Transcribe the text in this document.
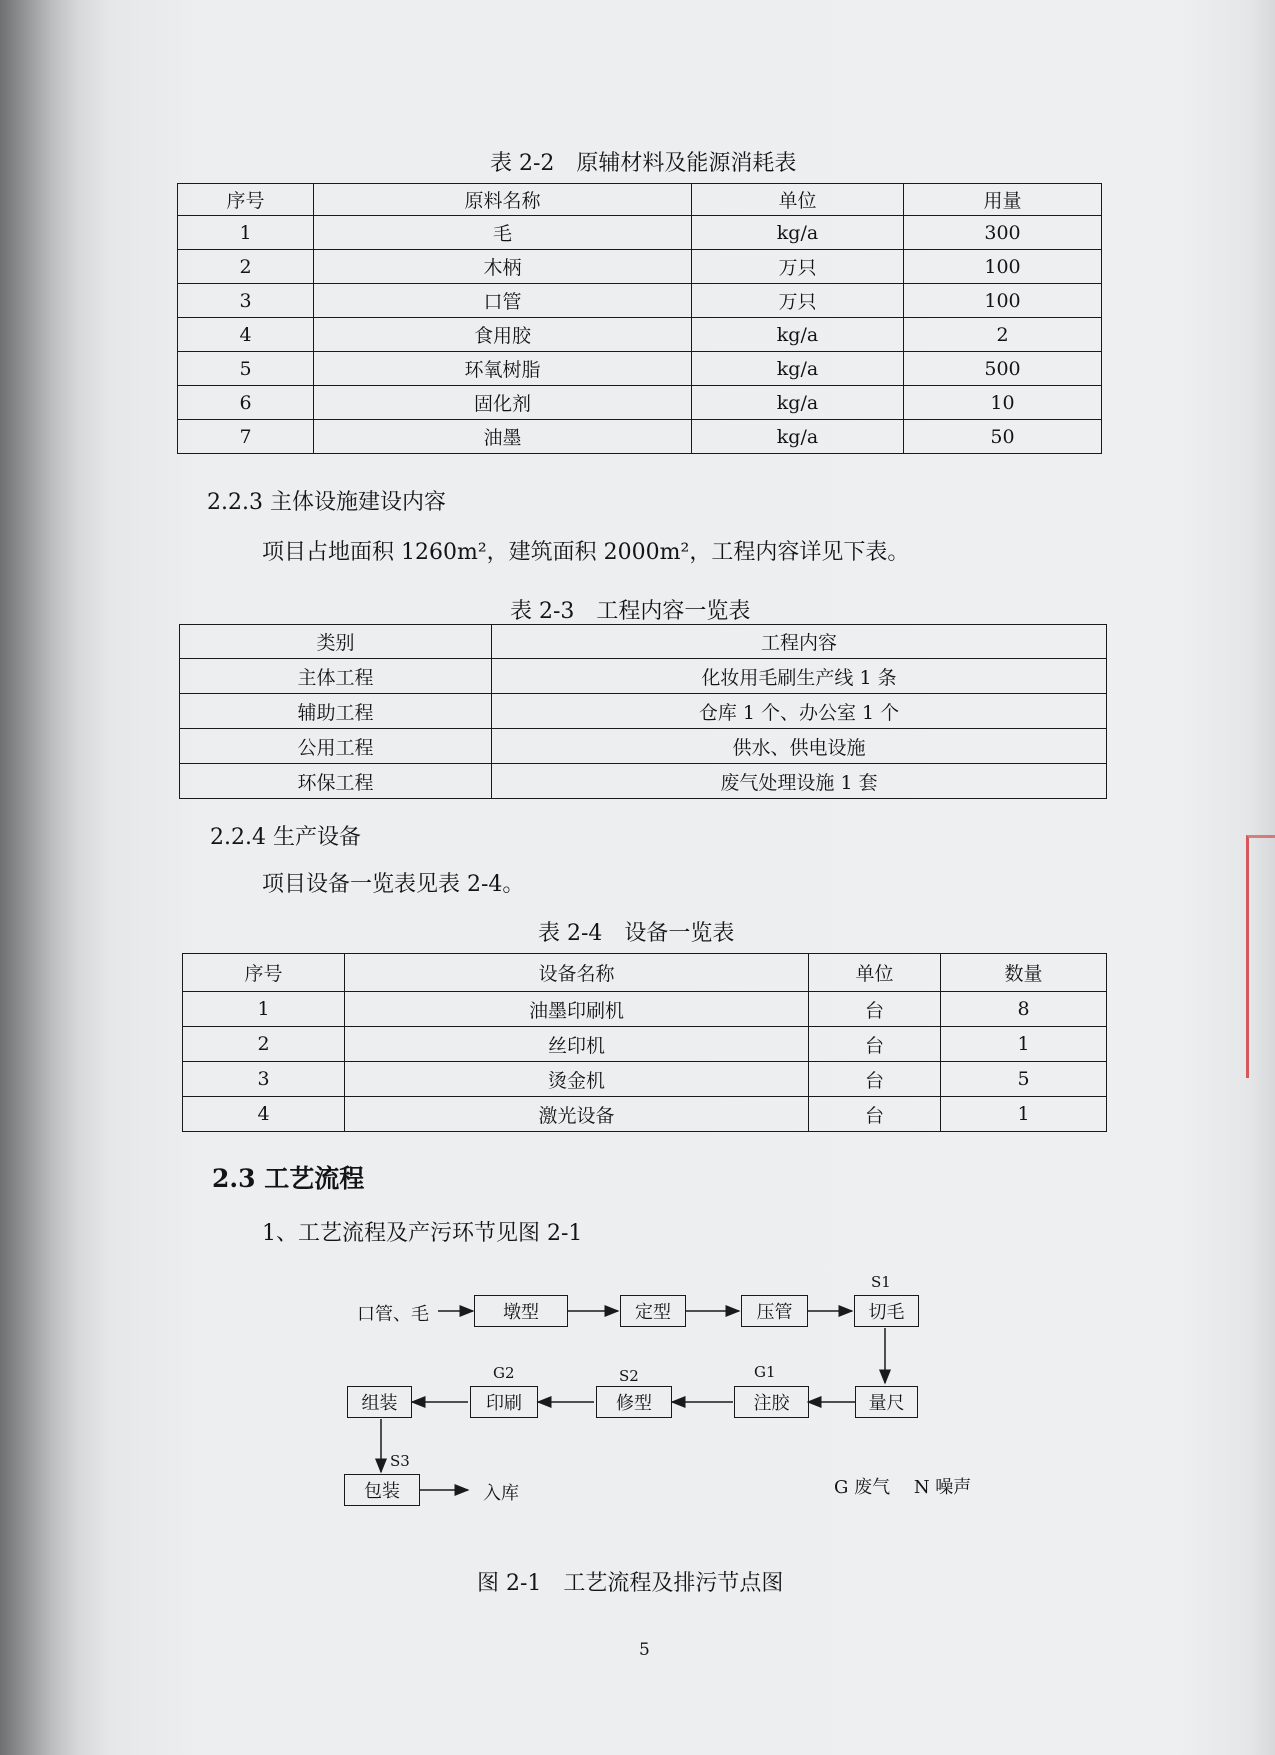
表 2-2　原辅材料及能源消耗表
序号	原料名称	单位	用量
1	毛	kg/a	300
2	木柄	万只	100
3	口管	万只	100
4	食用胶	kg/a	2
5	环氧树脂	kg/a	500
6	固化剂	kg/a	10
7	油墨	kg/a	50
2.2.3 主体设施建设内容
项目占地面积 1260m²，建筑面积 2000m²，工程内容详见下表。
表 2-3　工程内容一览表
类别	工程内容
主体工程	化妆用毛刷生产线 1 条
辅助工程	仓库 1 个、办公室 1 个
公用工程	供水、供电设施
环保工程	废气处理设施 1 套
2.2.4 生产设备
项目设备一览表见表 2-4。
表 2-4　设备一览表
序号	设备名称	单位	数量
1	油墨印刷机	台	8
2	丝印机	台	1
3	烫金机	台	5
4	激光设备	台	1
2.3 工艺流程
1、工艺流程及产污环节见图 2-1
口管、毛	墩型	定型	压管	切毛
S1
量尺
注胶
G1
修型
S2
印刷
G2
组装
S3
包装	入库	G 废气　 N 噪声
图 2-1　工艺流程及排污节点图
5
